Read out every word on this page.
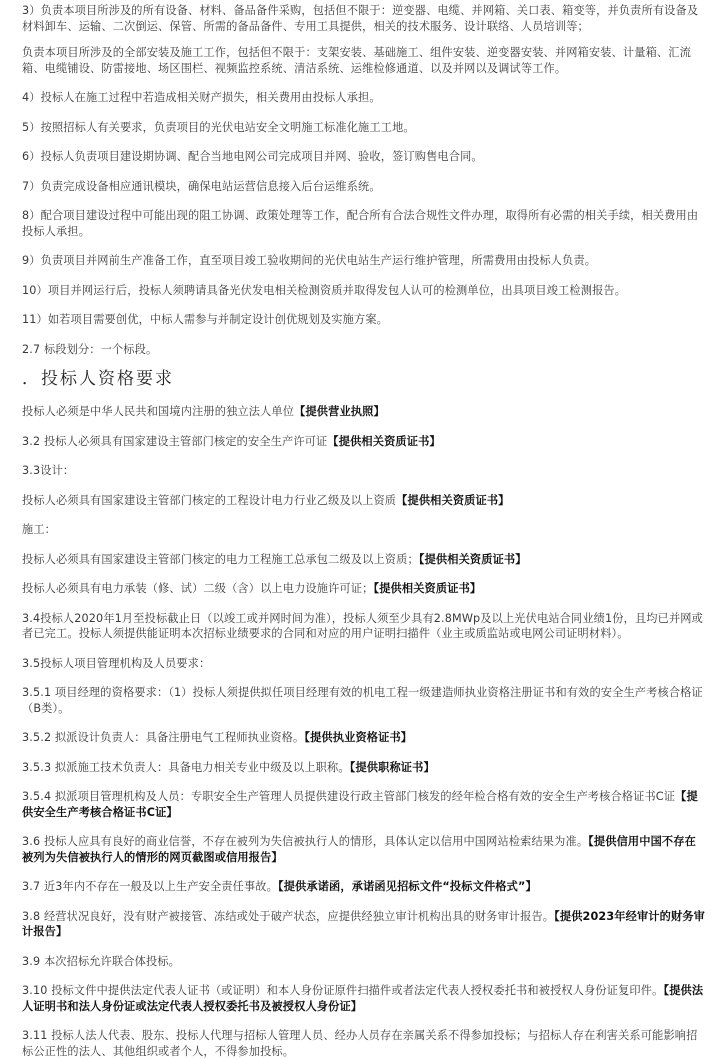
3）负责本项目所涉及的所有设备、材料、备品备件采购，包括但不限于：逆变器、电缆、并网箱、关口表、箱变等，并负责所有设备及材料卸车、运输、二次倒运、保管、所需的备品备件、专用工具提供，相关的技术服务、设计联络、人员培训等；

负责本项目所涉及的全部安装及施工工作，包括但不限于：支架安装、基础施工、组件安装、逆变器安装、并网箱安装、计量箱、汇流箱、电缆铺设、防雷接地、场区围栏、视频监控系统、清洁系统、运维检修通道、以及并网以及调试等工作。

4）投标人在施工过程中若造成相关财产损失，相关费用由投标人承担。

5）按照招标人有关要求，负责项目的光伏电站安全文明施工标准化施工工地。

6）投标人负责项目建设期协调、配合当地电网公司完成项目并网、验收，签订购售电合同。

7）负责完成设备相应通讯模块，确保电站运营信息接入后台运维系统。

8）配合项目建设过程中可能出现的阻工协调、政策处理等工作，配合所有合法合规性文件办理，取得所有必需的相关手续，相关费用由投标人承担。

9）负责项目并网前生产准备工作，直至项目竣工验收期间的光伏电站生产运行维护管理，所需费用由投标人负责。

10）项目并网运行后，投标人须聘请具备光伏发电相关检测资质并取得发包人认可的检测单位，出具项目竣工检测报告。

11）如若项目需要创优，中标人需参与并制定设计创优规划及实施方案。

2.7 标段划分：一个标段。

．投标人资格要求

投标人必须是中华人民共和国境内注册的独立法人单位【提供营业执照】

3.2 投标人必须具有国家建设主管部门核定的安全生产许可证【提供相关资质证书】

3.3设计：

投标人必须具有国家建设主管部门核定的工程设计电力行业乙级及以上资质【提供相关资质证书】

施工：

投标人必须具有国家建设主管部门核定的电力工程施工总承包二级及以上资质；【提供相关资质证书】

投标人必须具有电力承装（修、试）二级（含）以上电力设施许可证；【提供相关资质证书】

3.4投标人2020年1月至投标截止日（以竣工或并网时间为准），投标人须至少具有2.8MWp及以上光伏电站合同业绩1份，且均已并网或者已完工。投标人须提供能证明本次招标业绩要求的合同和对应的用户证明扫描件（业主或质监站或电网公司证明材料）。

3.5投标人项目管理机构及人员要求：

3.5.1 项目经理的资格要求：（1）投标人须提供拟任项目经理有效的机电工程一级建造师执业资格注册证书和有效的安全生产考核合格证（B类）。

3.5.2 拟派设计负责人：具备注册电气工程师执业资格。【提供执业资格证书】

3.5.3 拟派施工技术负责人：具备电力相关专业中级及以上职称。【提供职称证书】

3.5.4 拟派项目管理机构及人员：专职安全生产管理人员提供建设行政主管部门核发的经年检合格有效的安全生产考核合格证书C证【提供安全生产考核合格证书C证】

3.6 投标人应具有良好的商业信誉，不存在被列为失信被执行人的情形，具体认定以信用中国网站检索结果为准。【提供信用中国不存在被列为失信被执行人的情形的网页截图或信用报告】

3.7 近3年内不存在一般及以上生产安全责任事故。【提供承诺函，承诺函见招标文件“投标文件格式”】

3.8 经营状况良好，没有财产被接管、冻结或处于破产状态，应提供经独立审计机构出具的财务审计报告。【提供2023年经审计的财务审计报告】

3.9 本次招标允许联合体投标。

3.10 投标文件中提供法定代表人证书（或证明）和本人身份证原件扫描件或者法定代表人授权委托书和被授权人身份证复印件。【提供法人证明书和法人身份证或法定代表人授权委托书及被授权人身份证】

3.11 投标人法人代表、股东、投标人代理与招标人管理人员、经办人员存在亲属关系不得参加投标；与招标人存在利害关系可能影响招标公正性的法人、其他组织或者个人，不得参加投标。
